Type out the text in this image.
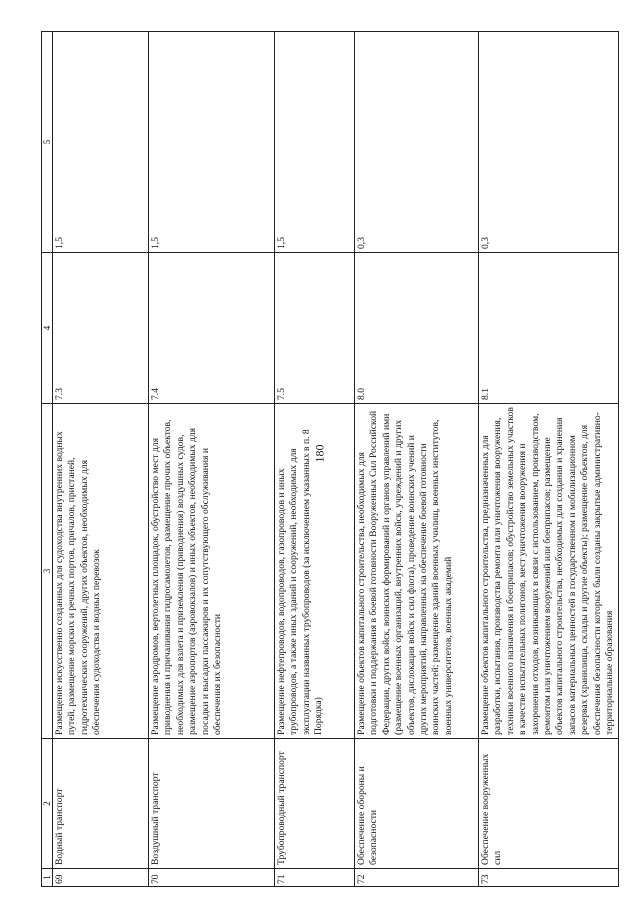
180
1	2	3	4	5
69	Водный транспорт	Размещение искусственно созданных для судоходства внутренних водных путей, размещение морских и речных портов, причалов, пристаней, гидротехнических сооружений, других объектов, необходимых для обеспечения судоходства и водных перевозок	7.3	1,5
70	Воздушный транспорт	Размещение аэродромов, вертолетных площадок, обустройство мест для приводнения и причаливания гидросамолетов, размещение прочих объектов, необходимых для взлета и приземления (приводнения) воздушных судов, размещение аэропортов (аэровокзалов) и иных объектов, необходимых для посадки и высадки пассажиров и их сопутствующего обслуживания и обеспечения их безопасности	7.4	1,5
71	Трубопроводный транспорт	Размещение нефтепроводов, водопроводов, газопроводов и иных трубопроводов, а также иных зданий и сооружений, необходимых для эксплуатации названных трубопроводов (за исключением указанных в п. 8 Порядка)	7.5	1,5
72	Обеспечение обороны и безопасности	Размещение объектов капитального строительства, необходимых для подготовки и поддержания в боевой готовности Вооруженных Сил Российской Федерации, других войск, воинских формирований и органов управлений ими (размещение военных организаций, внутренних войск, учреждений и других объектов, дислокация войск и сил флота), проведение воинских учений и других мероприятий, направленных на обеспечение боевой готовности воинских частей; размещение зданий военных училищ, военных институтов, военных университетов, военных академий	8.0	0,3
73	Обеспечение вооруженных сил	Размещение объектов капитального строительства, предназначенных для разработки, испытания, производства ремонта или уничтожения вооружения, техники военного назначения и боеприпасов; обустройство земельных участков в качестве испытательных полигонов, мест уничтожения вооружения и захоронения отходов, возникающих в связи с использованием, производством, ремонтом или уничтожением вооружений или боеприпасов; размещение объектов капитального строительства, необходимых для создания и хранения запасов материальных ценностей в государственном и мобилизационном резервах (хранилища, склады и другие объекты); размещение объектов, для обеспечения безопасности которых были созданы закрытые административно-территориальные образования	8.1	0,3
